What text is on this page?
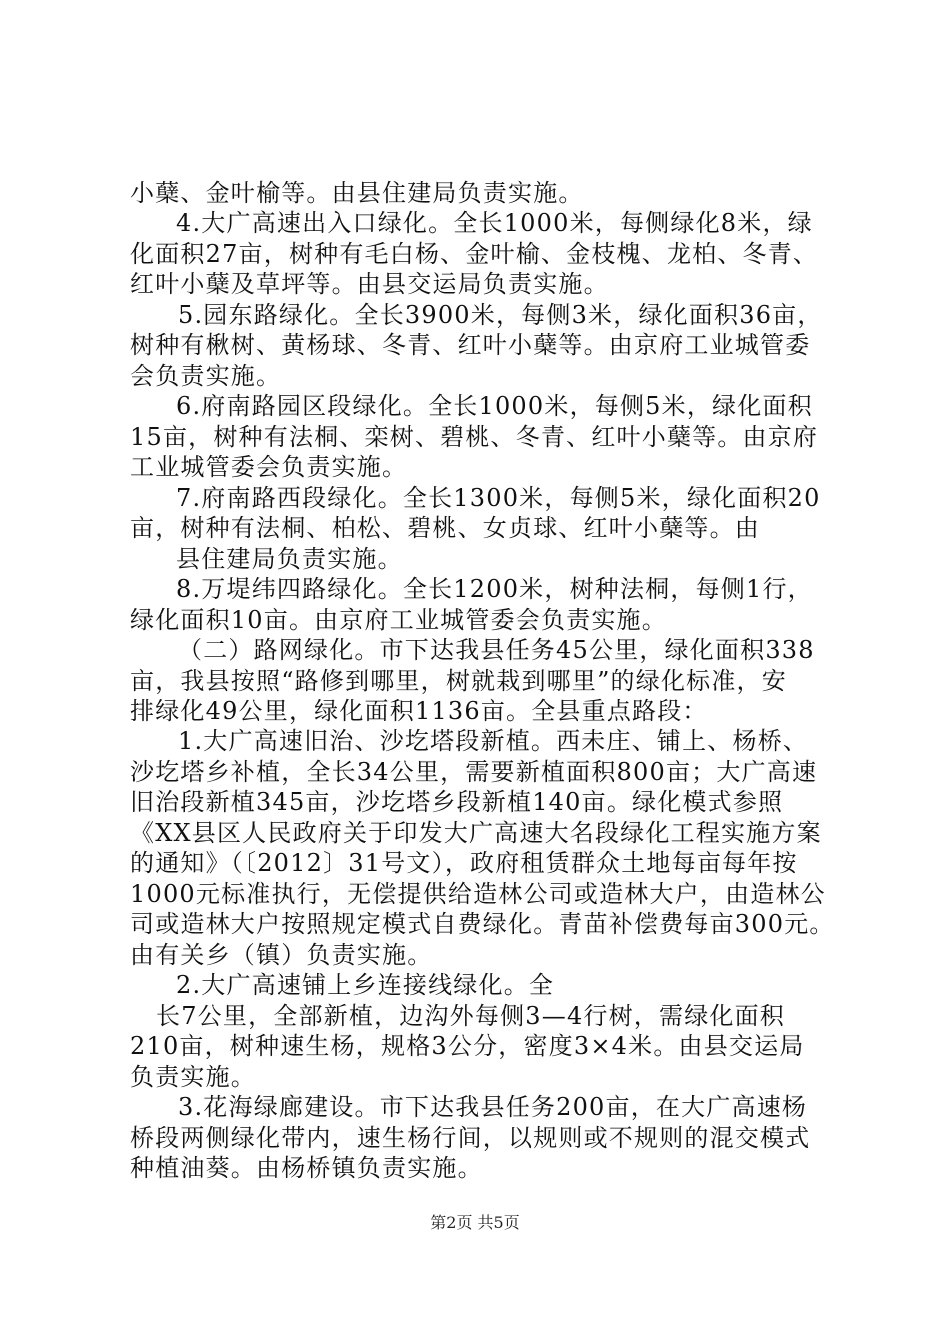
小蘖、金叶榆等。由县住建局负责实施。
4.大广高速出入口绿化。全长1000米，每侧绿化8米，绿
化面积27亩，树种有毛白杨、金叶榆、金枝槐、龙柏、冬青、
红叶小蘖及草坪等。由县交运局负责实施。
5.园东路绿化。全长3900米，每侧3米，绿化面积36亩，
树种有楸树、黄杨球、冬青、红叶小蘖等。由京府工业城管委
会负责实施。
6.府南路园区段绿化。全长1000米，每侧5米，绿化面积
15亩，树种有法桐、栾树、碧桃、冬青、红叶小蘖等。由京府
工业城管委会负责实施。
7.府南路西段绿化。全长1300米，每侧5米，绿化面积20
亩，树种有法桐、柏松、碧桃、女贞球、红叶小蘖等。由
县住建局负责实施。
8.万堤纬四路绿化。全长1200米，树种法桐，每侧1行，
绿化面积10亩。由京府工业城管委会负责实施。
（二）路网绿化。市下达我县任务45公里，绿化面积338
亩，我县按照“路修到哪里，树就栽到哪里”的绿化标准，安
排绿化49公里，绿化面积1136亩。全县重点路段：
1.大广高速旧治、沙圪塔段新植。西未庄、铺上、杨桥、
沙圪塔乡补植，全长34公里，需要新植面积800亩；大广高速
旧治段新植345亩，沙圪塔乡段新植140亩。绿化模式参照
《XX县区人民政府关于印发大广高速大名段绿化工程实施方案
的通知》（〔2012〕31号文），政府租赁群众土地每亩每年按
1000元标准执行，无偿提供给造林公司或造林大户，由造林公
司或造林大户按照规定模式自费绿化。青苗补偿费每亩300元。
由有关乡（镇）负责实施。
2.大广高速铺上乡连接线绿化。全
长7公里，全部新植，边沟外每侧3—4行树，需绿化面积
210亩，树种速生杨，规格3公分，密度3×4米。由县交运局
负责实施。
3.花海绿廊建设。市下达我县任务200亩，在大广高速杨
桥段两侧绿化带内，速生杨行间，以规则或不规则的混交模式
种植油葵。由杨桥镇负责实施。
第2页 共5页
